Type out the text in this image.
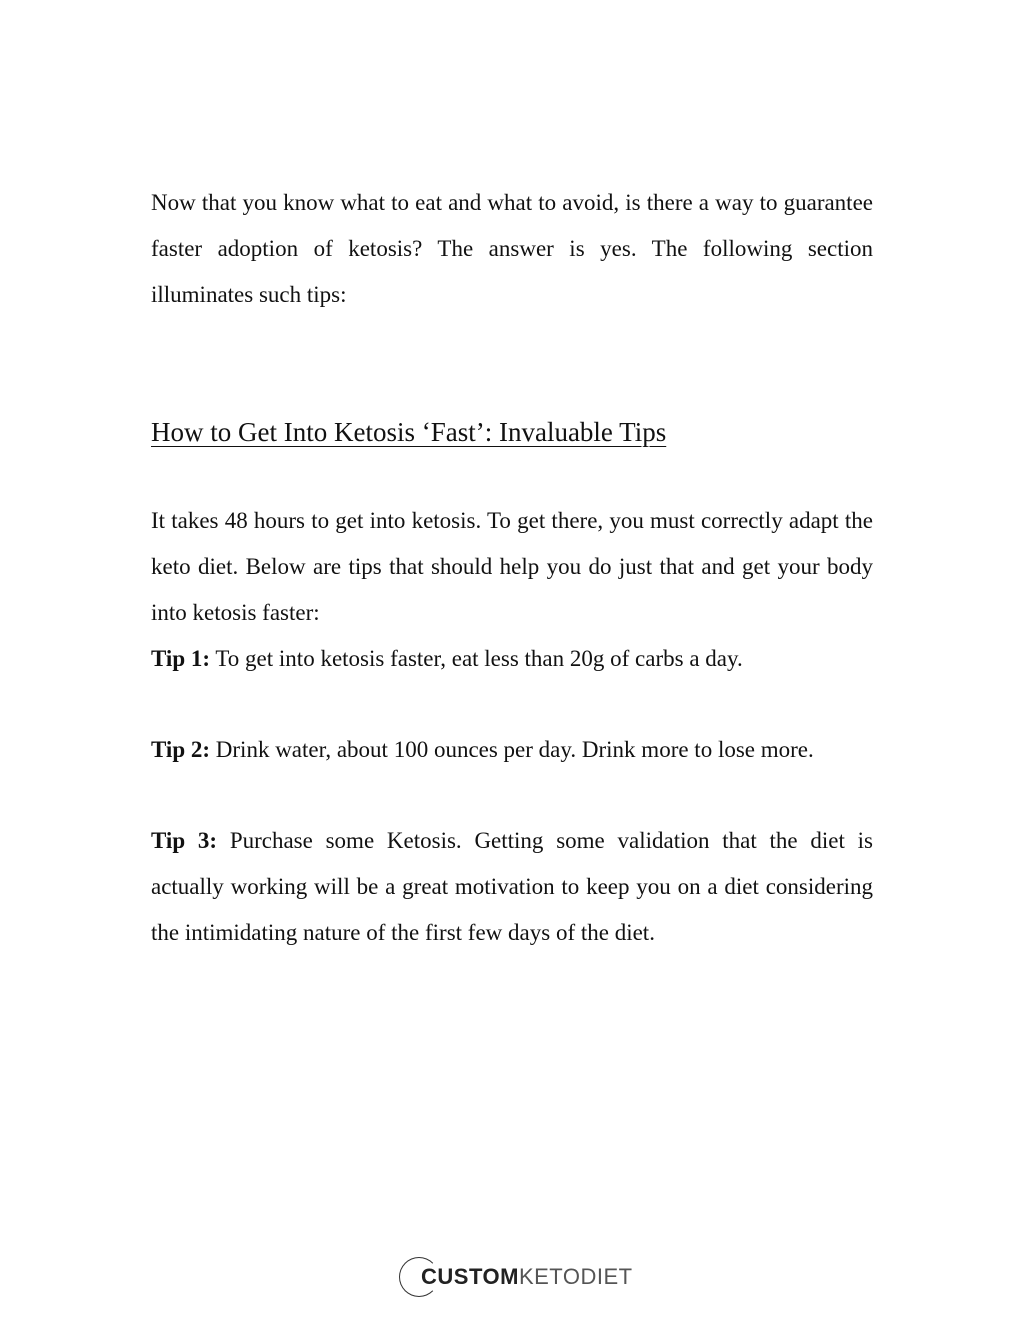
Now that you know what to eat and what to avoid, is there a way to guarantee faster adoption of ketosis? The answer is yes. The following section illuminates such tips:

How to Get Into Ketosis ‘Fast’: Invaluable Tips

It takes 48 hours to get into ketosis. To get there, you must correctly adapt the keto diet. Below are tips that should help you do just that and get your body into ketosis faster:

Tip 1: To get into ketosis faster, eat less than 20g of carbs a day.

Tip 2: Drink water, about 100 ounces per day. Drink more to lose more.

Tip 3: Purchase some Ketosis. Getting some validation that the diet is actually working will be a great motivation to keep you on a diet considering the intimidating nature of the first few days of the diet.

CUSTOMKETODIET
